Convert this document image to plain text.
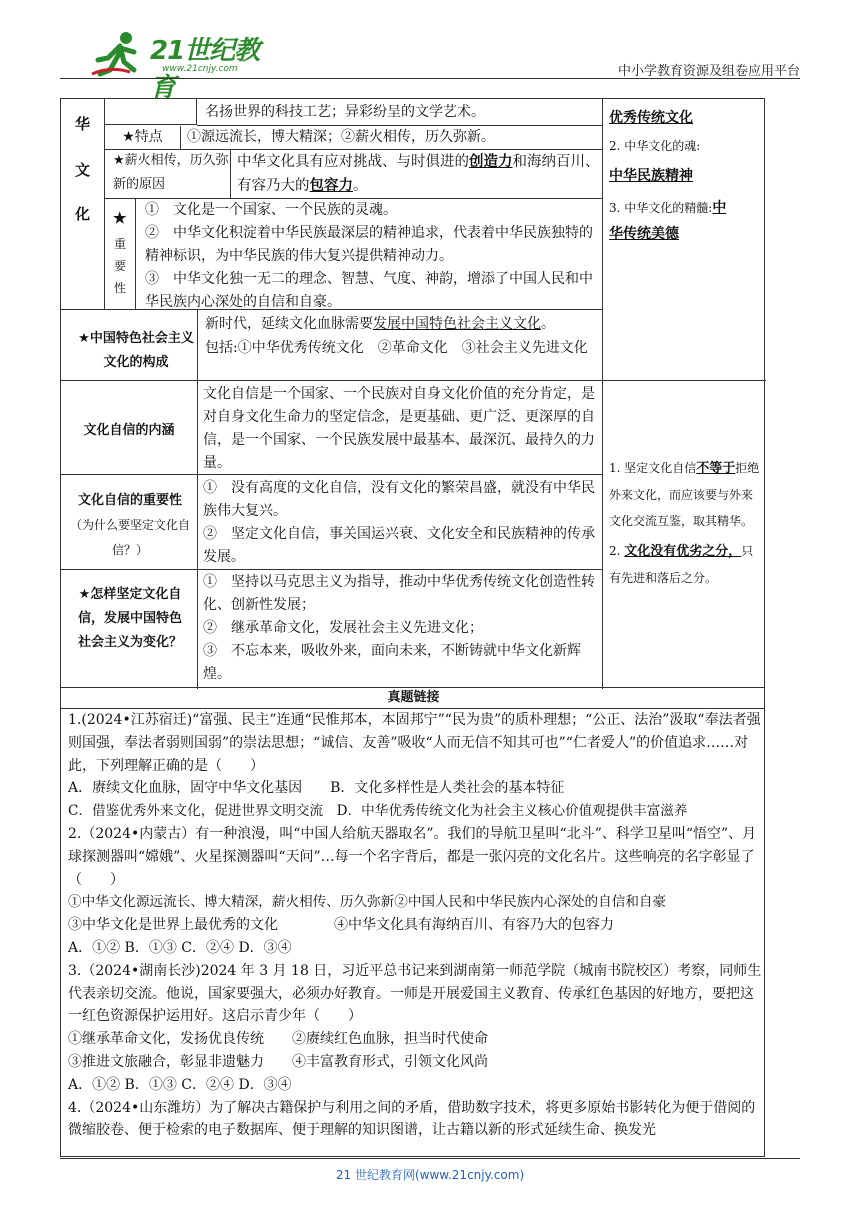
21世纪教育
www.21cnjy.com	中小学教育资源及组卷应用平台
华
文
化
名扬世界的科技工艺；异彩纷呈的文学艺术。
★特点	①源远流长，博大精深；②薪火相传，历久弥新。
★薪火相传，历久弥新的原因
中华文化具有应对挑战、与时俱进的创造力和海纳百川、有容乃大的包容力。
★
重
要
性
①　文化是一个国家、一个民族的灵魂。
②　中华文化积淀着中华民族最深层的精神追求，代表着中华民族独特的精神标识，为中华民族的伟大复兴提供精神动力。
③　中华文化独一无二的理念、智慧、气度、神韵，增添了中国人民和中华民族内心深处的自信和自豪。
优秀传统文化
2. 中华文化的魂:
中华民族精神
3. 中华文化的精髓:中
华传统美德
★中国特色社会主义文化的构成
新时代，延续文化血脉需要发展中国特色社会主义文化。
包括:①中华优秀传统文化　②革命文化　③社会主义先进文化
文化自信的内涵
文化自信是一个国家、一个民族对自身文化价值的充分肯定，是对自身文化生命力的坚定信念，是更基础、更广泛、更深厚的自信，是一个国家、一个民族发展中最基本、最深沉、最持久的力量。
文化自信的重要性（为什么要坚定文化自信？）
①　没有高度的文化自信，没有文化的繁荣昌盛，就没有中华民族伟大复兴。
②　坚定文化自信，事关国运兴衰、文化安全和民族精神的传承发展。
★怎样坚定文化自信，发展中国特色社会主义为变化？
①　坚持以马克思主义为指导，推动中华优秀传统文化创造性转化、创新性发展；
②　继承革命文化，发展社会主义先进文化；
③　不忘本来，吸收外来，面向未来，不断铸就中华文化新辉煌。
1. 坚定文化自信不等于拒绝外来文化，而应该要与外来文化交流互鉴，取其精华。
2. 文化没有优劣之分，只有先进和落后之分。
真题链接
1.(2024•江苏宿迁)“富强、民主”连通“民惟邦本，本固邦宁”“民为贵”的质朴理想；“公正、法治”汲取“奉法者强则国强，奉法者弱则国弱”的崇法思想；“诚信、友善”吸收“人而无信不知其可也”“仁者爱人”的价值追求……对此，下列理解正确的是（　　）
A．赓续文化血脉，固守中华文化基因　　B．文化多样性是人类社会的基本特征
C．借鉴优秀外来文化，促进世界文明交流　D．中华优秀传统文化为社会主义核心价值观提供丰富滋养
2.（2024•内蒙古）有一种浪漫，叫“中国人给航天器取名”。我们的导航卫星叫“北斗”、科学卫星叫“悟空”、月球探测器叫“嫦娥”、火星探测器叫“天问”…每一个名字背后，都是一张闪亮的文化名片。这些响亮的名字彰显了（　　）
①中华文化源远流长、博大精深，薪火相传、历久弥新②中国人民和中华民族内心深处的自信和自豪
③中华文化是世界上最优秀的文化　　　　④中华文化具有海纳百川、有容乃大的包容力
A．①② B．①③ C．②④ D．③④
3.（2024•湖南长沙)2024 年 3 月 18 日，习近平总书记来到湖南第一师范学院（城南书院校区）考察，同师生代表亲切交流。他说，国家要强大，必须办好教育。一师是开展爱国主义教育、传承红色基因的好地方，要把这一红色资源保护运用好。这启示青少年（　　）
①继承革命文化，发扬优良传统　　②赓续红色血脉，担当时代使命
③推进文旅融合，彰显非遗魅力　　④丰富教育形式，引领文化风尚
A．①② B．①③ C．②④ D．③④
4.（2024•山东潍坊）为了解决古籍保护与利用之间的矛盾，借助数字技术，将更多原始书影转化为便于借阅的微缩胶卷、便于检索的电子数据库、便于理解的知识图谱，让古籍以新的形式延续生命、换发光
21 世纪教育网(www.21cnjy.com)
